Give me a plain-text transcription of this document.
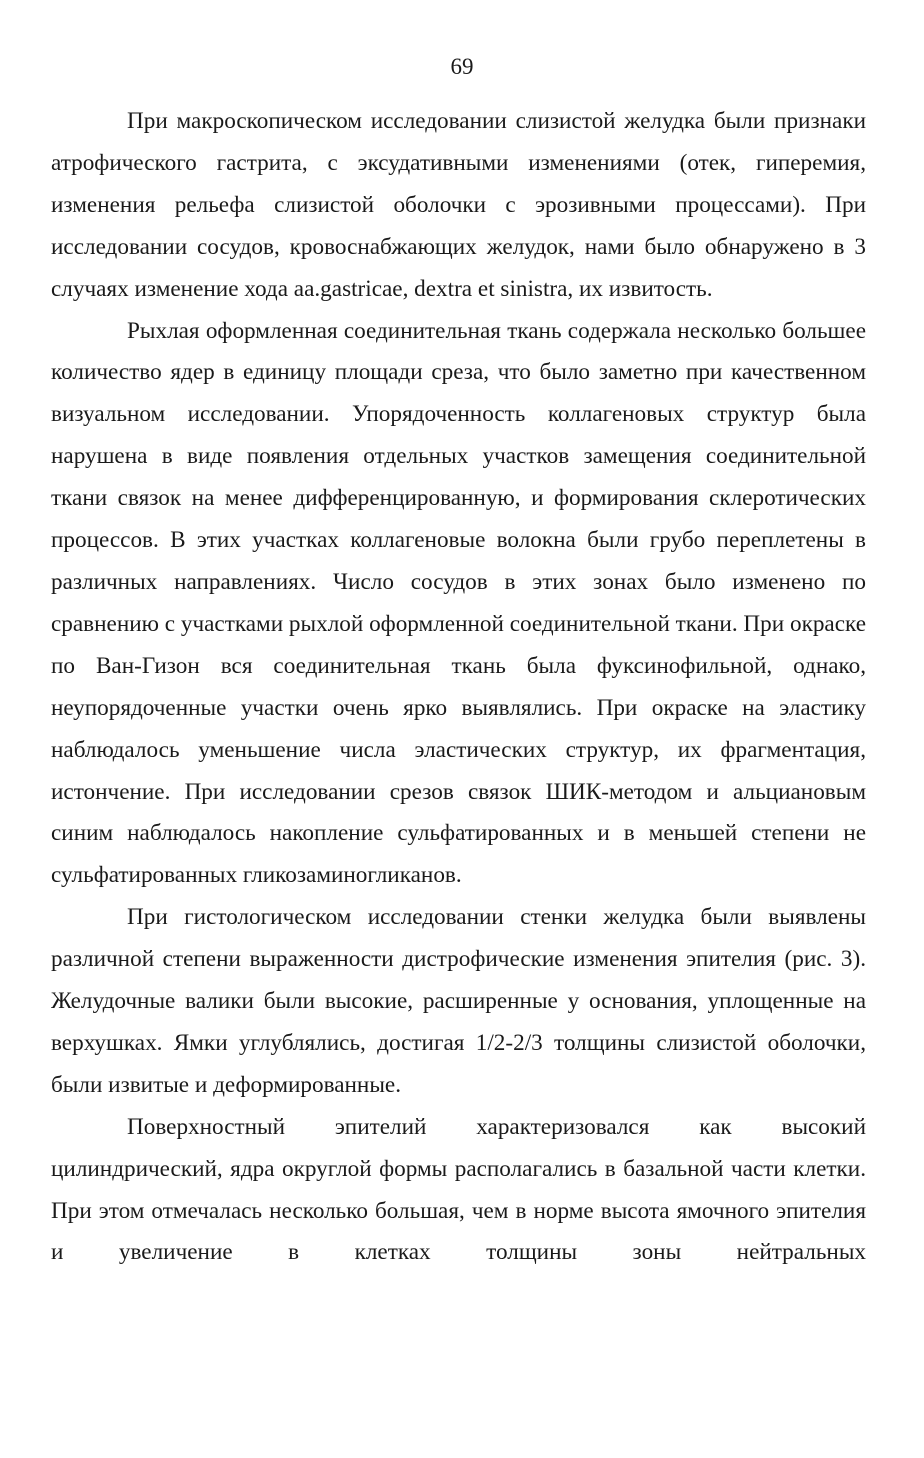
69

При макроскопическом исследовании слизистой желудка были признаки атрофического гастрита, с эксудативными изменениями (отек, гиперемия, изменения рельефа слизистой оболочки с эрозивными процессами). При исследовании сосудов, кровоснабжающих желудок, нами было обнаружено в 3 случаях изменение хода aa.gastricae, dextra et sinistra, их извитость.

Рыхлая оформленная соединительная ткань содержала несколько большее количество ядер в единицу площади среза, что было заметно при качественном визуальном исследовании. Упорядоченность коллагеновых структур была нарушена в виде появления отдельных участков замещения соединительной ткани связок на менее дифференцированную, и формирования склеротических процессов. В этих участках коллагеновые волокна были грубо переплетены в различных направлениях. Число сосудов в этих зонах было изменено по сравнению с участками рыхлой оформленной соединительной ткани. При окраске по Ван-Гизон вся соединительная ткань была фуксинофильной, однако, неупорядоченные участки очень ярко выявлялись. При окраске на эластику наблюдалось уменьшение числа эластических структур, их фрагментация, истончение. При исследовании срезов связок ШИК-методом и альциановым синим наблюдалось накопление сульфатированных и в меньшей степени не сульфатированных гликозаминогликанов.

При гистологическом исследовании стенки желудка были выявлены различной степени выраженности дистрофические изменения эпителия (рис. 3). Желудочные валики были высокие, расширенные у основания, уплощенные на верхушках. Ямки углублялись, достигая 1/2-2/3 толщины слизистой оболочки, были извитые и деформированные.

Поверхностный эпителий характеризовался как высокий цилиндрический, ядра округлой формы располагались в базальной части клетки. При этом отмечалась несколько большая, чем в норме высота ямочного эпителия и увеличение в клетках толщины зоны нейтральных
